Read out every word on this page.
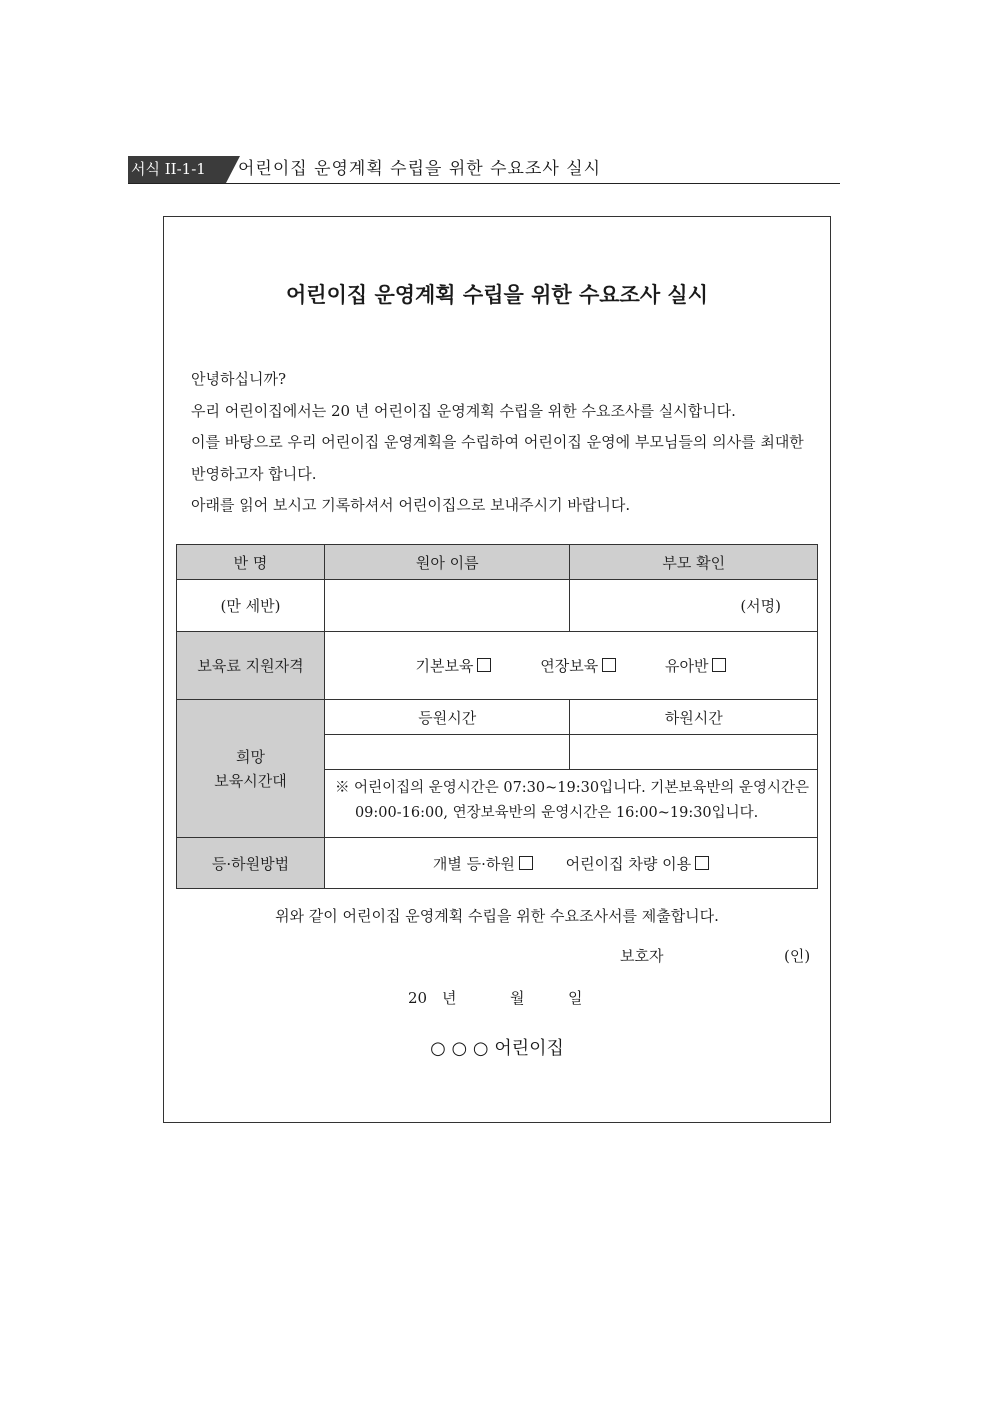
서식 II-1-1	어린이집 운영계획 수립을 위한 수요조사 실시
어린이집 운영계획 수립을 위한 수요조사 실시

안녕하십니까?

우리 어린이집에서는 20 년 어린이집 운영계획 수립을 위한 수요조사를 실시합니다.

이를 바탕으로 우리 어린이집 운영계획을 수립하여 어린이집 운영에 부모님들의 의사를 최대한

반영하고자 합니다.

아래를 읽어 보시고 기록하셔서 어린이집으로 보내주시기 바랍니다.

반 명	원아 이름	부모 확인
(만 세반)		(서명)
보육료 지원자격	기본보육 연장보육 유아반	

희망
보육시간대	등원시간	하원시간

	※ 어린이집의 운영시간은 07:30~19:30입니다. 기본보육반의 운영시간은
09:00-16:00, 연장보육반의 운영시간은 16:00~19:30입니다.	

등·하원방법	개별 등·하원 어린이집 차량 이용	
위와 같이 어린이집 운영계획 수립을 위한 수요조사서를 제출합니다.
보호자	(인)
20 년	월	일
○ ○ ○ 어린이집
